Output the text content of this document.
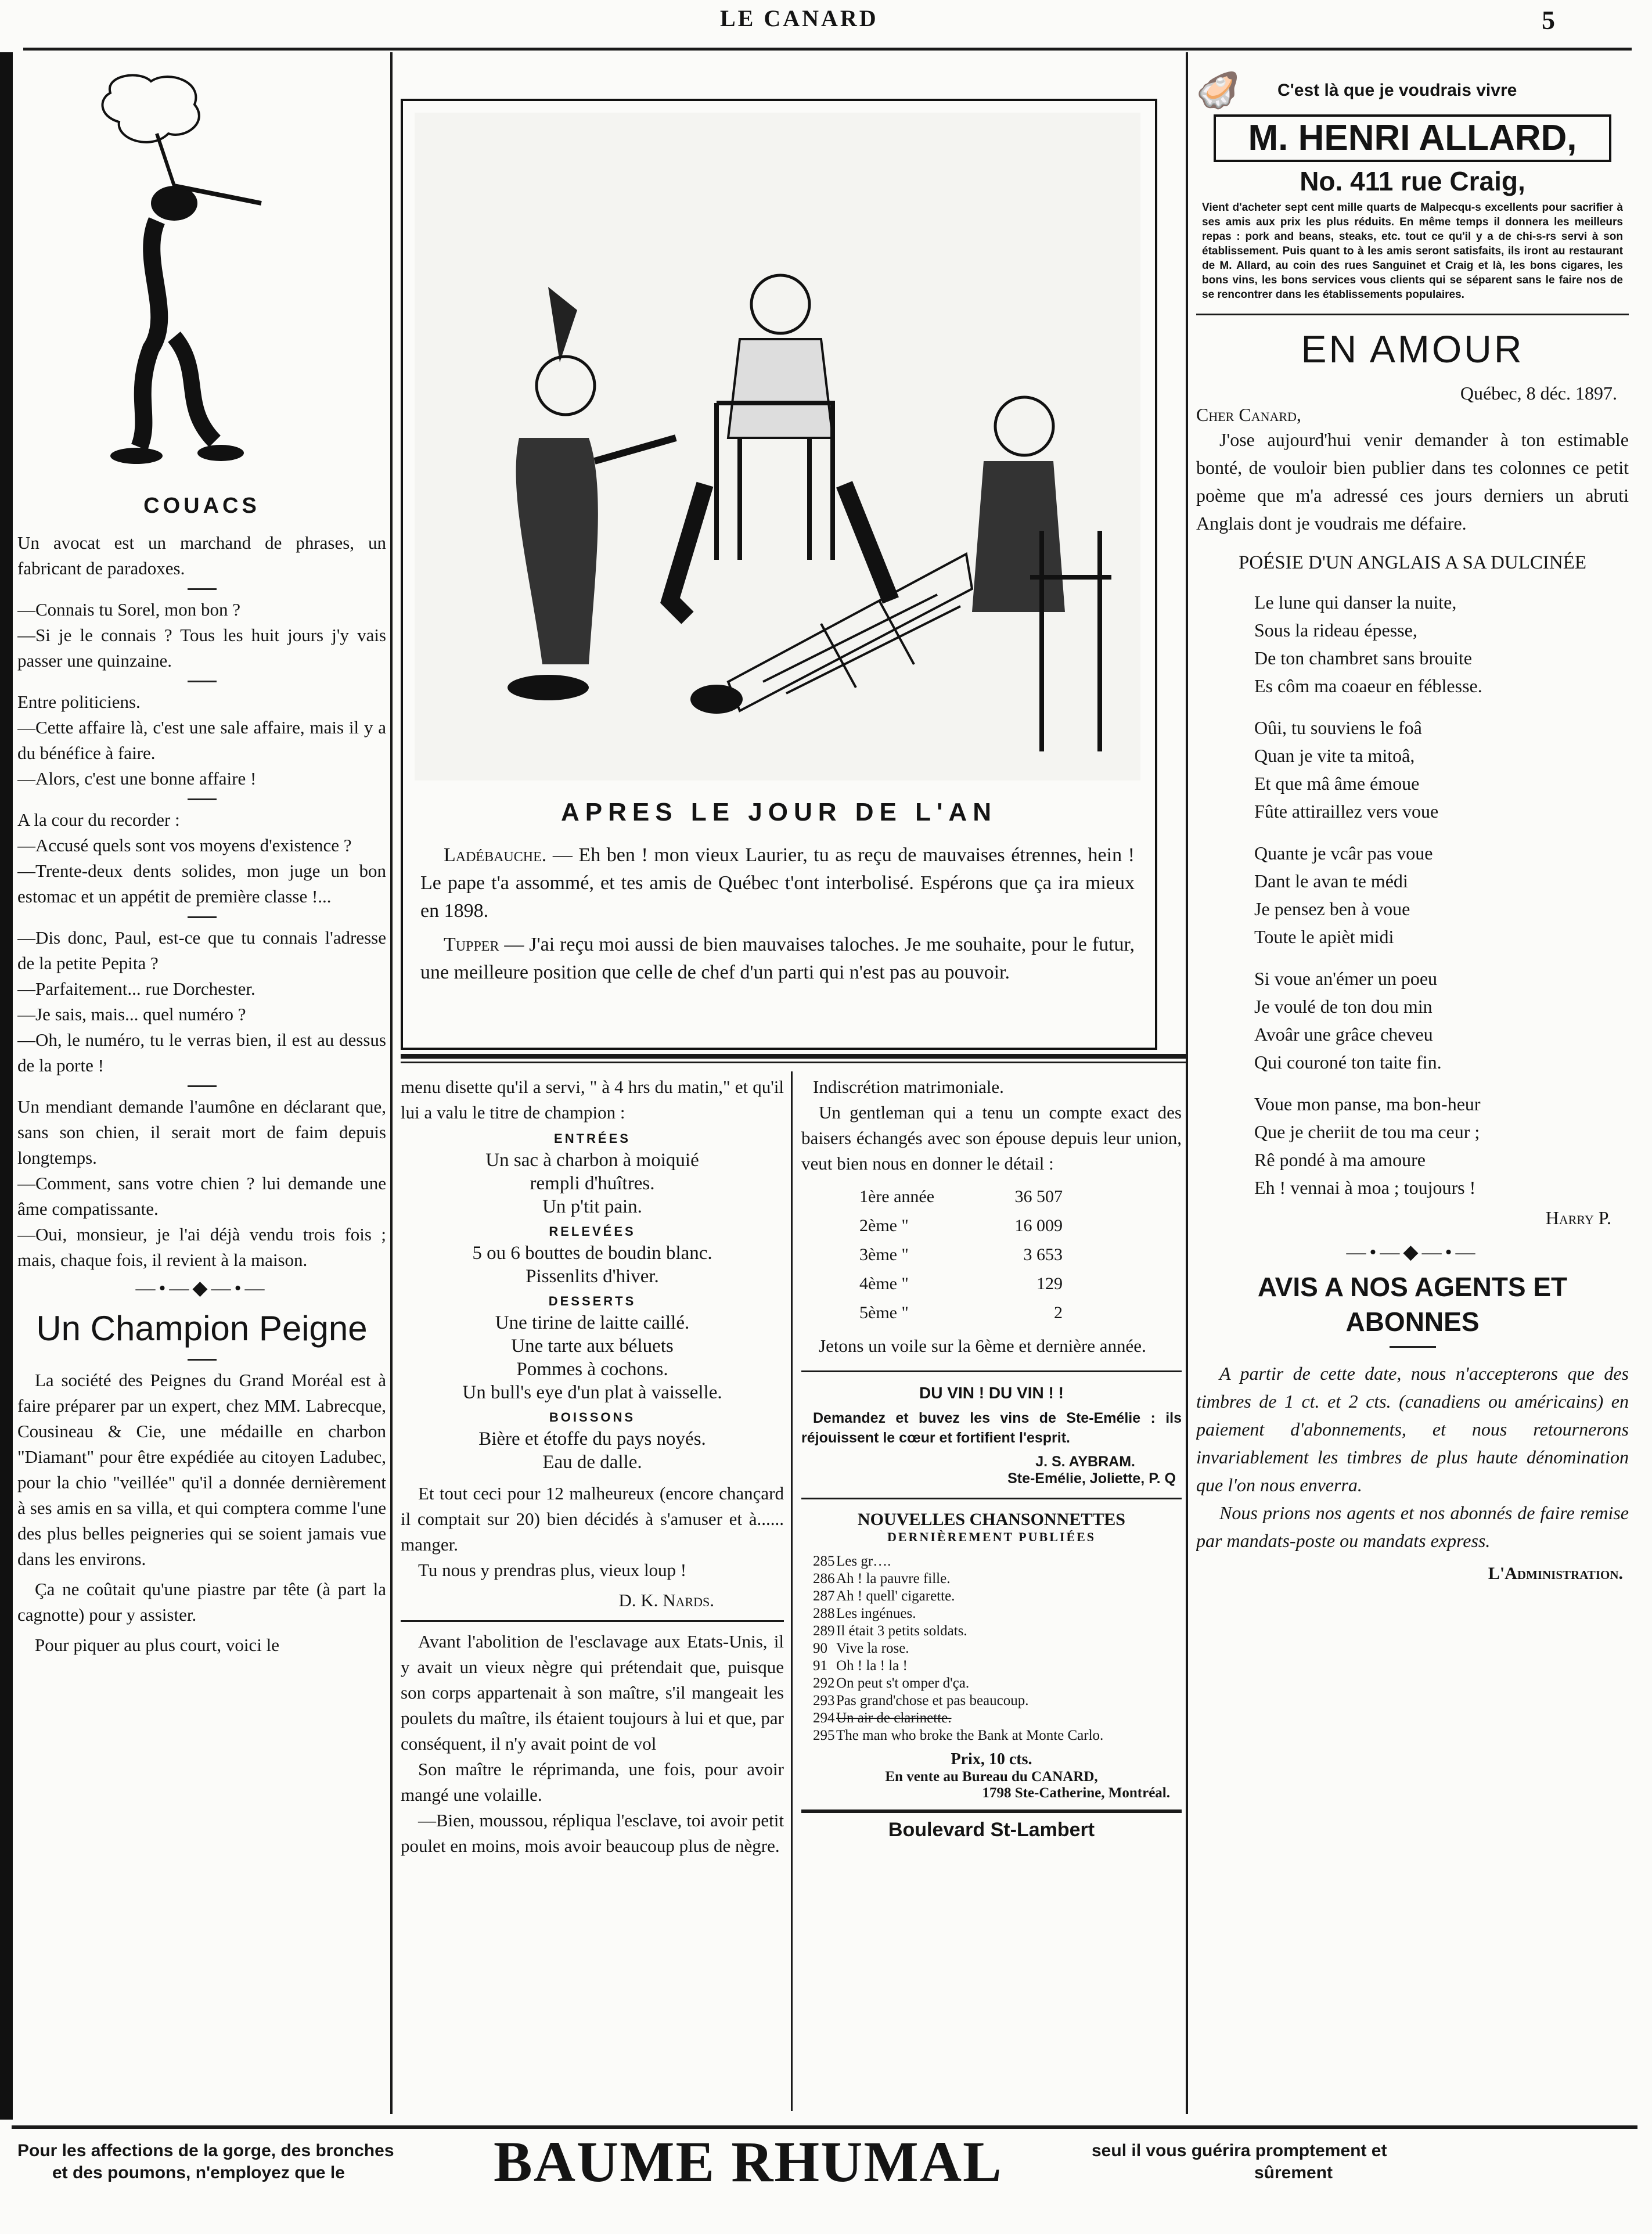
LE CANARD	5
COUACS

Un avocat est un marchand de phrases, un fabricant de paradoxes.

—Connais tu Sorel, mon bon ?

—Si je le connais ? Tous les huit jours j'y vais passer une quinzaine.

Entre politiciens.

—Cette affaire là, c'est une sale affaire, mais il y a du bénéfice à faire.

—Alors, c'est une bonne affaire !

A la cour du recorder :

—Accusé quels sont vos moyens d'existence ?

—Trente-deux dents solides, mon juge un bon estomac et un appétit de première classe !...

—Dis donc, Paul, est-ce que tu connais l'adresse de la petite Pepita ?

—Parfaitement... rue Dorchester.

—Je sais, mais... quel numéro ?

—Oh, le numéro, tu le verras bien, il est au dessus de la porte !

Un mendiant demande l'aumône en déclarant que, sans son chien, il serait mort de faim depuis longtemps.

—Comment, sans votre chien ? lui demande une âme compatissante.

—Oui, monsieur, je l'ai déjà vendu trois fois ; mais, chaque fois, il revient à la maison.

—•—◆—•—
Un Champion Peigne

La société des Peignes du Grand Moréal est à faire préparer par un expert, chez MM. Labrecque, Cousineau & Cie, une médaille en charbon "Diamant" pour être expédiée au citoyen Ladubec, pour la chio "veillée" qu'il a donnée dernièrement à ses amis en sa villa, et qui comptera comme l'une des plus belles peigneries qui se soient jamais vue dans les environs.

Ça ne coûtait qu'une piastre par tête (à part la cagnotte) pour y assister.

Pour piquer au plus court, voici le

APRES LE JOUR DE L'AN

Ladébauche. — Eh ben ! mon vieux Laurier, tu as reçu de mauvaises étrennes, hein ! Le pape t'a assommé, et tes amis de Québec t'ont interbolisé. Espérons que ça ira mieux en 1898.

Tupper — J'ai reçu moi aussi de bien mauvaises taloches. Je me souhaite, pour le futur, une meilleure position que celle de chef d'un parti qui n'est pas au pouvoir.

menu disette qu'il a servi, " à 4 hrs du matin," et qu'il lui a valu le titre de champion :

ENTRÉES

Un sac à charbon à moiquié

rempli d'huîtres.

Un p'tit pain.

RELEVÉES

5 ou 6 bouttes de boudin blanc.

Pissenlits d'hiver.

DESSERTS

Une tirine de laitte caillé.

Une tarte aux béluets

Pommes à cochons.

Un bull's eye d'un plat à vaisselle.

BOISSONS

Bière et étoffe du pays noyés.

Eau de dalle.

Et tout ceci pour 12 malheureux (encore chançard il comptait sur 20) bien décidés à s'amuser et à...... manger.

Tu nous y prendras plus, vieux loup !

D. K. Nards.

Avant l'abolition de l'esclavage aux Etats-Unis, il y avait un vieux nègre qui prétendait que, puisque son corps appartenait à son maître, s'il mangeait les poulets du maître, ils étaient toujours à lui et que, par conséquent, il n'y avait point de vol

Son maître le réprimanda, une fois, pour avoir mangé une volaille.

—Bien, moussou, répliqua l'esclave, toi avoir petit poulet en moins, mois avoir beaucoup plus de nègre.

Indiscrétion matrimoniale.

Un gentleman qui a tenu un compte exact des baisers échangés avec son épouse depuis leur union, veut bien nous en donner le détail :

1ère année	36 507
2ème "	16 009
3ème "	3 653
4ème "	129
5ème "	2

Jetons un voile sur la 6ème et dernière année.

DU VIN ! DU VIN ! !

Demandez et buvez les vins de Ste-Emélie : ils réjouissent le cœur et fortifient l'esprit.

J. S. AYBRAM.
Ste-Emélie, Joliette, P. Q
NOUVELLES CHANSONNETTES
DERNIÈREMENT PUBLIÉES
285 Les gr….
286 Ah ! la pauvre fille.
287 Ah ! quell' cigarette.
288 Les ingénues.
289 Il était 3 petits soldats.
90 Vive la rose.
91 Oh ! la ! la !
292 On peut s't omper d'ça.
293 Pas grand'chose et pas beaucoup.
294 Un air de clarinette.
295 The man who broke the Bank at Monte Carlo.
Prix, 10 cts.
En vente au Bureau du CANARD,
1798 Ste-Catherine, Montréal.
Boulevard St-Lambert
🦪	C'est là que je voudrais vivre
M. HENRI ALLARD,
No. 411 rue Craig,

Vient d'acheter sept cent mille quarts de Malpecqu-s excellents pour sacrifier à ses amis aux prix les plus réduits. En même temps il donnera les meilleurs repas : pork and beans, steaks, etc. tout ce qu'il y a de chi-s-rs servi à son établissement. Puis quant to à les amis seront satisfaits, ils iront au restaurant de M. Allard, au coin des rues Sanguinet et Craig et là, les bons cigares, les bons vins, les bons services vous clients qui se séparent sans le faire nos de se rencontrer dans les établissements populaires.

EN AMOUR
Québec, 8 déc. 1897.
Cher Canard,

J'ose aujourd'hui venir demander à ton estimable bonté, de vouloir bien publier dans tes colonnes ce petit poème que m'a adressé ces jours derniers un abruti Anglais dont je voudrais me défaire.

POÉSIE D'UN ANGLAIS A SA DULCINÉE
Le lune qui danser la nuite,
Sous la rideau épesse,
De ton chambret sans brouite
Es côm ma coaeur en féblesse.
Oûi, tu souviens le foâ
Quan je vite ta mitoâ,
Et que mâ âme émoue
Fûte attiraillez vers voue
Quante je vcâr pas voue
Dant le avan te médi
Je pensez ben à voue
Toute le apièt midi
Si voue an'émer un poeu
Je voulé de ton dou min
Avoâr une grâce cheveu
Qui couroné ton taite fin.
Voue mon panse, ma bon-heur
Que je cheriit de tou ma ceur ;
Rê pondé à ma amoure
Eh ! vennai à moa ; toujours !
Harry P.
—•—◆—•—
AVIS A NOS AGENTS ET ABONNES

A partir de cette date, nous n'accepterons que des timbres de 1 ct. et 2 cts. (canadiens ou américains) en paiement d'abonnements, et nous retournerons invariablement les timbres de plus haute dénomination que l'on nous enverra.

Nous prions nos agents et nos abonnés de faire remise par mandats-poste ou mandats express.

L'Administration.
Pour les affections de la gorge, des bronches
et des poumons, n'employez que le	BAUME RHUMAL	seul il vous guérira promptement et
sûrement
